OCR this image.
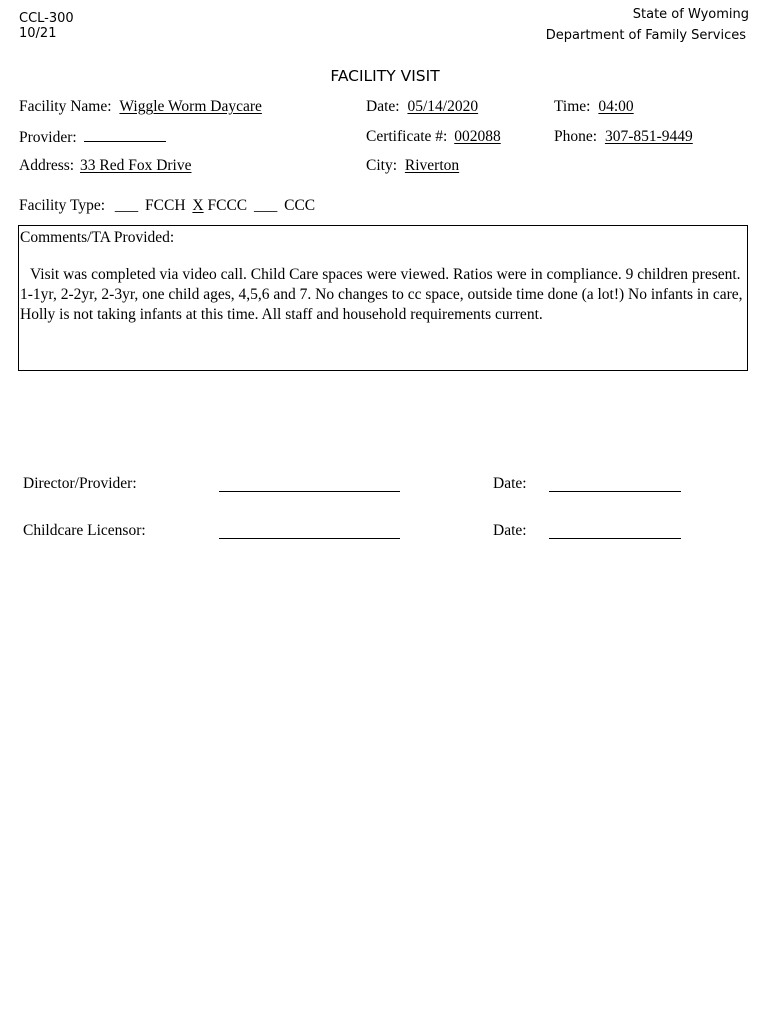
CCL-300
10/21
State of Wyoming
Department of Family Services
FACILITY VISIT
Facility Name: Wiggle Worm Daycare	Date: 05/14/2020	Time: 04:00
Provider:	Certificate #: 002088	Phone: 307-851-9449
Address: 33 Red Fox Drive	City: Riverton
Facility Type: ___ FCCH X FCCC ___ CCC
Comments/TA Provided:
Visit was completed via video call. Child Care spaces were viewed. Ratios were in compliance. 9 children present. 1-1yr, 2-2yr, 2-3yr, one child ages, 4,5,6 and 7. No changes to cc space, outside time done (a lot!) No infants in care, Holly is not taking infants at this time. All staff and household requirements current.
Director/Provider:	Date:
Childcare Licensor:	Date:
